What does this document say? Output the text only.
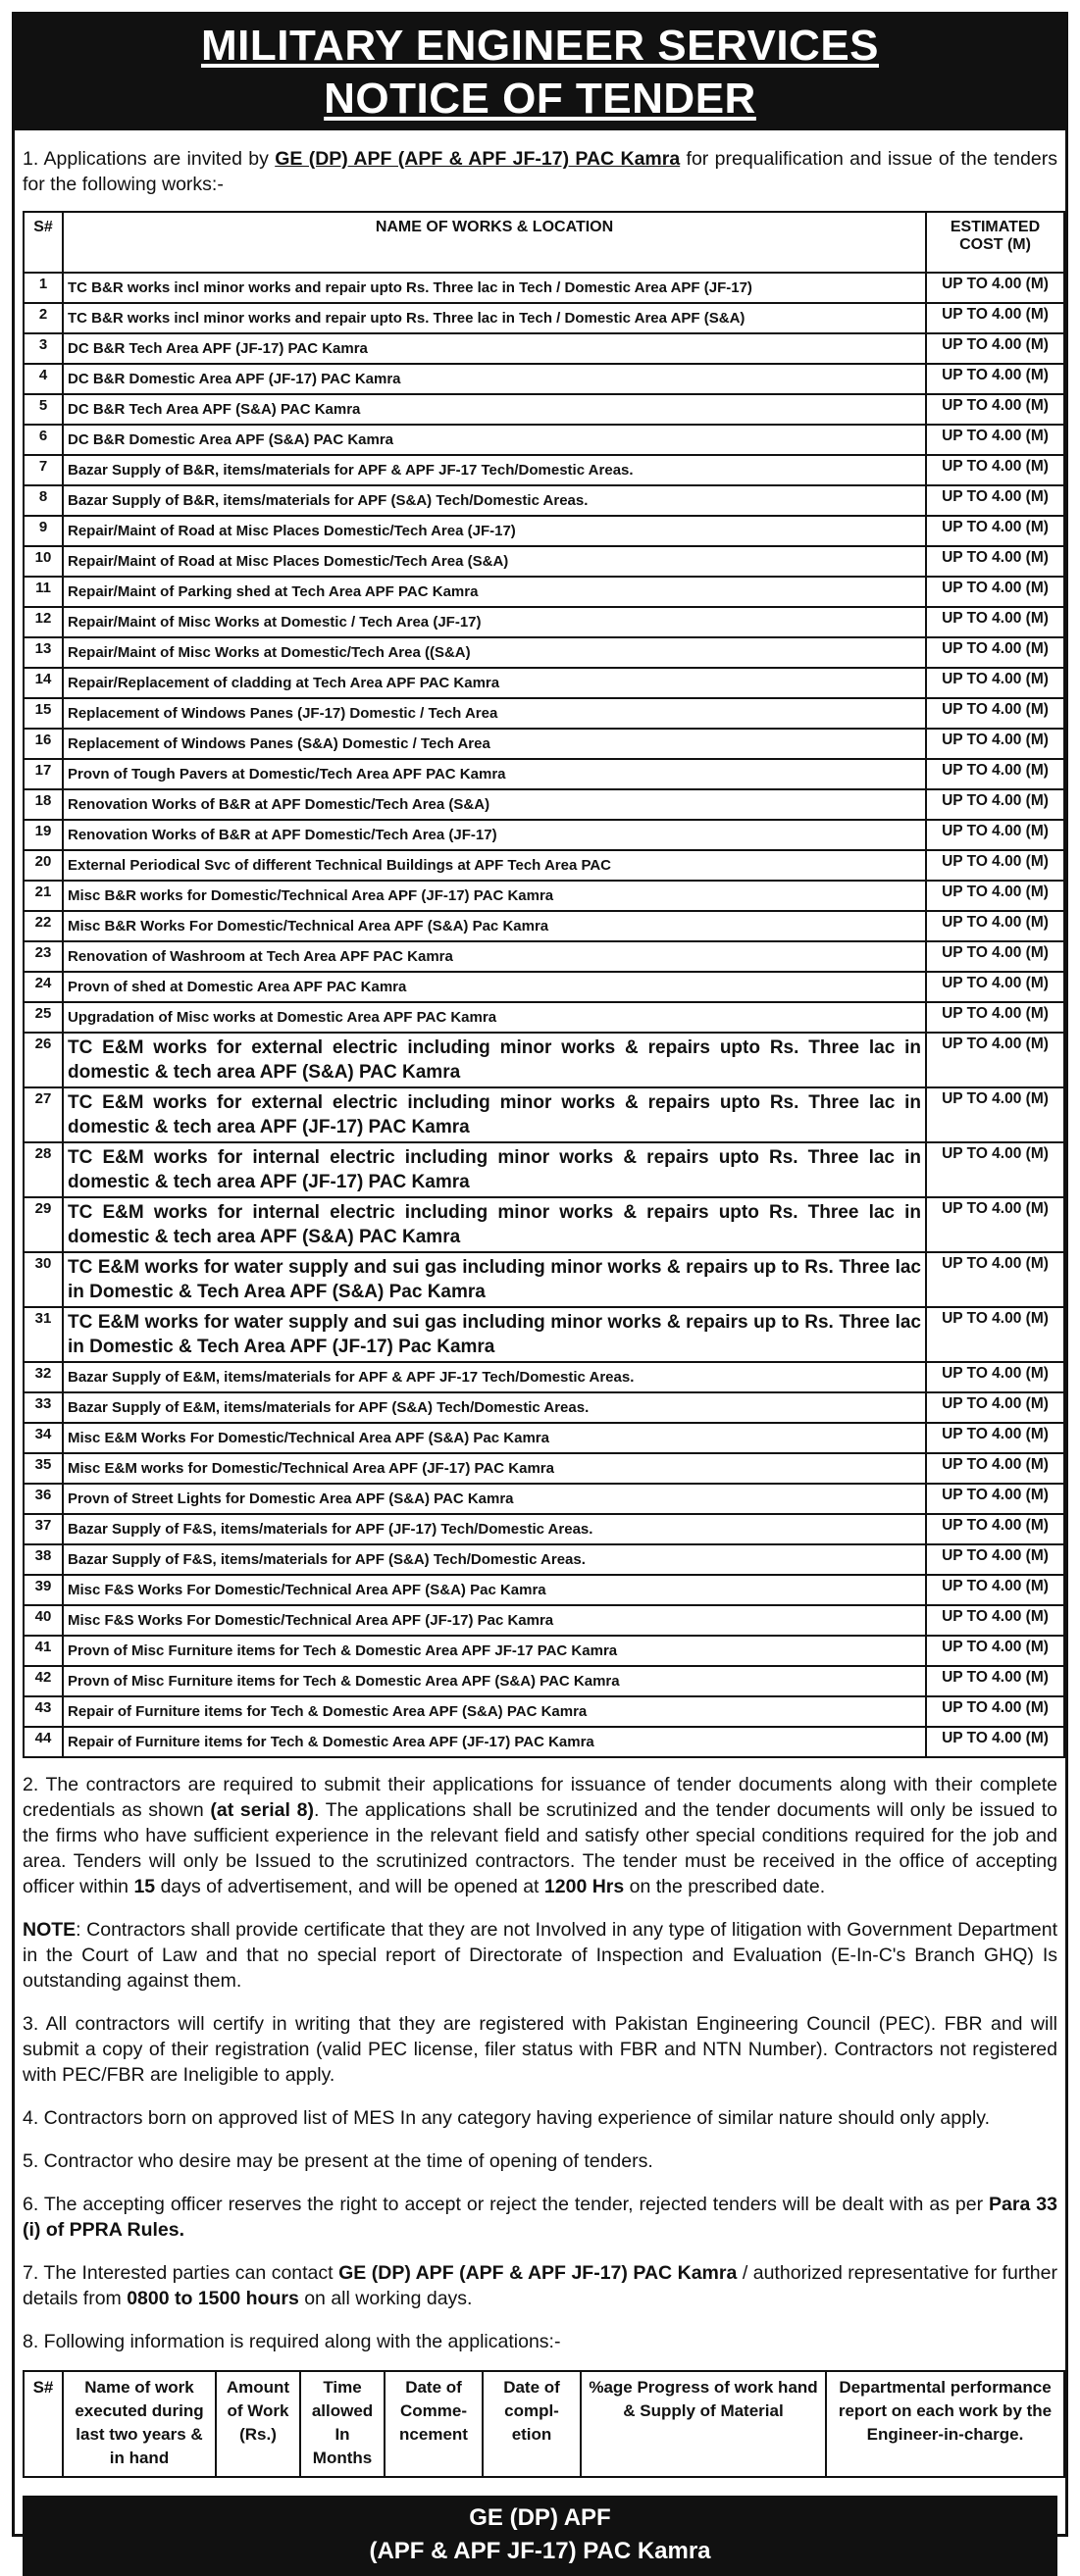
MILITARY ENGINEER SERVICES
NOTICE OF TENDER

1. Applications are invited by GE (DP) APF (APF & APF JF-17) PAC Kamra for prequalification and issue of the tenders for the following works:-

S#	NAME OF WORKS & LOCATION	ESTIMATED COST (M)
1	TC B&R works incl minor works and repair upto Rs. Three lac in Tech / Domestic Area APF (JF-17)	UP TO 4.00 (M)
2	TC B&R works incl minor works and repair upto Rs. Three lac in Tech / Domestic Area APF (S&A)	UP TO 4.00 (M)
3	DC B&R Tech Area APF (JF-17) PAC Kamra	UP TO 4.00 (M)
4	DC B&R Domestic Area APF (JF-17) PAC Kamra	UP TO 4.00 (M)
5	DC B&R Tech Area APF (S&A) PAC Kamra	UP TO 4.00 (M)
6	DC B&R Domestic Area APF (S&A) PAC Kamra	UP TO 4.00 (M)
7	Bazar Supply of B&R, items/materials for APF & APF JF-17 Tech/Domestic Areas.	UP TO 4.00 (M)
8	Bazar Supply of B&R, items/materials for APF (S&A) Tech/Domestic Areas.	UP TO 4.00 (M)
9	Repair/Maint of Road at Misc Places Domestic/Tech Area (JF-17)	UP TO 4.00 (M)
10	Repair/Maint of Road at Misc Places Domestic/Tech Area (S&A)	UP TO 4.00 (M)
11	Repair/Maint of Parking shed at Tech Area APF PAC Kamra	UP TO 4.00 (M)
12	Repair/Maint of Misc Works at Domestic / Tech Area (JF-17)	UP TO 4.00 (M)
13	Repair/Maint of Misc Works at Domestic/Tech Area ((S&A)	UP TO 4.00 (M)
14	Repair/Replacement of cladding at Tech Area APF PAC Kamra	UP TO 4.00 (M)
15	Replacement of Windows Panes (JF-17) Domestic / Tech Area	UP TO 4.00 (M)
16	Replacement of Windows Panes (S&A) Domestic / Tech Area	UP TO 4.00 (M)
17	Provn of Tough Pavers at Domestic/Tech Area APF PAC Kamra	UP TO 4.00 (M)
18	Renovation Works of B&R at APF Domestic/Tech Area (S&A)	UP TO 4.00 (M)
19	Renovation Works of B&R at APF Domestic/Tech Area (JF-17)	UP TO 4.00 (M)
20	External Periodical Svc of different Technical Buildings at APF Tech Area PAC	UP TO 4.00 (M)
21	Misc B&R works for Domestic/Technical Area APF (JF-17) PAC Kamra	UP TO 4.00 (M)
22	Misc B&R Works For Domestic/Technical Area APF (S&A) Pac Kamra	UP TO 4.00 (M)
23	Renovation of Washroom at Tech Area APF PAC Kamra	UP TO 4.00 (M)
24	Provn of shed at Domestic Area APF PAC Kamra	UP TO 4.00 (M)
25	Upgradation of Misc works at Domestic Area APF PAC Kamra	UP TO 4.00 (M)
26	TC E&M works for external electric including minor works & repairs upto Rs. Three lac in domestic & tech area APF (S&A) PAC Kamra	UP TO 4.00 (M)
27	TC E&M works for external electric including minor works & repairs upto Rs. Three lac in domestic & tech area APF (JF-17) PAC Kamra	UP TO 4.00 (M)
28	TC E&M works for internal electric including minor works & repairs upto Rs. Three lac in domestic & tech area APF (JF-17) PAC Kamra	UP TO 4.00 (M)
29	TC E&M works for internal electric including minor works & repairs upto Rs. Three lac in domestic & tech area APF (S&A) PAC Kamra	UP TO 4.00 (M)
30	TC E&M works for water supply and sui gas including minor works & repairs up to Rs. Three lac in Domestic & Tech Area APF (S&A) Pac Kamra	UP TO 4.00 (M)
31	TC E&M works for water supply and sui gas including minor works & repairs up to Rs. Three lac in Domestic & Tech Area APF (JF-17) Pac Kamra	UP TO 4.00 (M)
32	Bazar Supply of E&M, items/materials for APF & APF JF-17 Tech/Domestic Areas.	UP TO 4.00 (M)
33	Bazar Supply of E&M, items/materials for APF (S&A) Tech/Domestic Areas.	UP TO 4.00 (M)
34	Misc E&M Works For Domestic/Technical Area APF (S&A) Pac Kamra	UP TO 4.00 (M)
35	Misc E&M works for Domestic/Technical Area APF (JF-17) PAC Kamra	UP TO 4.00 (M)
36	Provn of Street Lights for Domestic Area APF (S&A) PAC Kamra	UP TO 4.00 (M)
37	Bazar Supply of F&S, items/materials for APF (JF-17) Tech/Domestic Areas.	UP TO 4.00 (M)
38	Bazar Supply of F&S, items/materials for APF (S&A) Tech/Domestic Areas.	UP TO 4.00 (M)
39	Misc F&S Works For Domestic/Technical Area APF (S&A) Pac Kamra	UP TO 4.00 (M)
40	Misc F&S Works For Domestic/Technical Area APF (JF-17) Pac Kamra	UP TO 4.00 (M)
41	Provn of Misc Furniture items for Tech & Domestic Area APF JF-17 PAC Kamra	UP TO 4.00 (M)
42	Provn of Misc Furniture items for Tech & Domestic Area APF (S&A) PAC Kamra	UP TO 4.00 (M)
43	Repair of Furniture items for Tech & Domestic Area APF (S&A) PAC Kamra	UP TO 4.00 (M)
44	Repair of Furniture items for Tech & Domestic Area APF (JF-17) PAC Kamra	UP TO 4.00 (M)

2. The contractors are required to submit their applications for issuance of tender documents along with their complete credentials as shown (at serial 8). The applications shall be scrutinized and the tender documents will only be issued to the firms who have sufficient experience in the relevant field and satisfy other special conditions required for the job and area. Tenders will only be Issued to the scrutinized contractors. The tender must be received in the office of accepting officer within 15 days of advertisement, and will be opened at 1200 Hrs on the prescribed date.

NOTE: Contractors shall provide certificate that they are not Involved in any type of litigation with Government Department in the Court of Law and that no special report of Directorate of Inspection and Evaluation (E-In-C's Branch GHQ) Is outstanding against them.

3. All contractors will certify in writing that they are registered with Pakistan Engineering Council (PEC). FBR and will submit a copy of their registration (valid PEC license, filer status with FBR and NTN Number). Contractors not registered with PEC/FBR are Ineligible to apply.

4. Contractors born on approved list of MES In any category having experience of similar nature should only apply.

5. Contractor who desire may be present at the time of opening of tenders.

6. The accepting officer reserves the right to accept or reject the tender, rejected tenders will be dealt with as per Para 33 (i) of PPRA Rules.

7. The Interested parties can contact GE (DP) APF (APF & APF JF-17) PAC Kamra / authorized representative for further details from 0800 to 1500 hours on all working days.

8. Following information is required along with the applications:-

S#	Name of work executed during last two years & in hand	Amount of Work (Rs.)	Time allowed In Months	Date of Comme-ncement	Date of compl-etion	%age Progress of work hand & Supply of Material	Departmental performance report on each work by the Engineer-in-charge.
GE (DP) APF
(APF & APF JF-17) PAC Kamra
